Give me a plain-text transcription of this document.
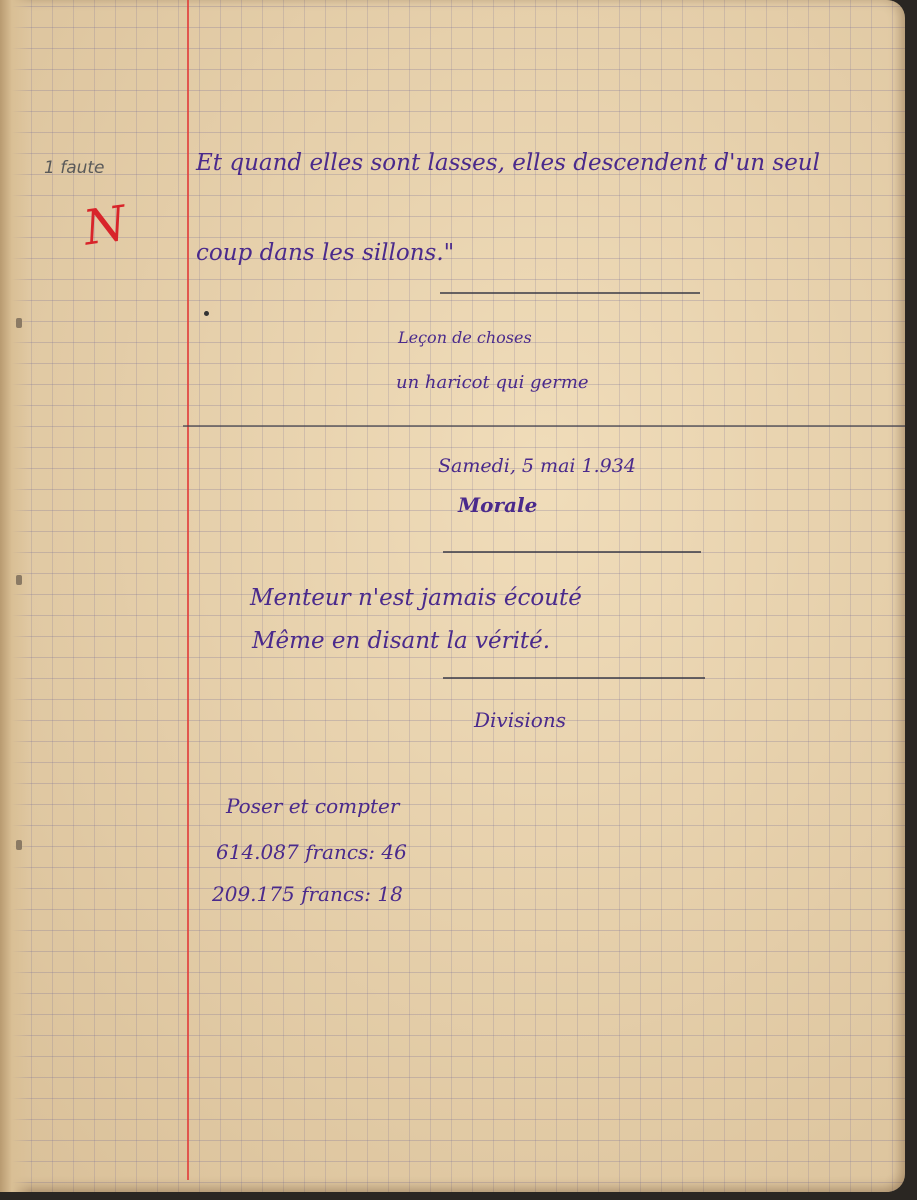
1 faute
N
Et quand elles sont lasses, elles descendent d'un seul
coup dans les sillons."
Leçon de choses
un haricot qui germe
Samedi, 5 mai 1.934
Morale
Menteur n'est jamais écouté
Même en disant la vérité.
Divisions
Poser et compter
614.087 francs: 46
209.175 francs: 18
